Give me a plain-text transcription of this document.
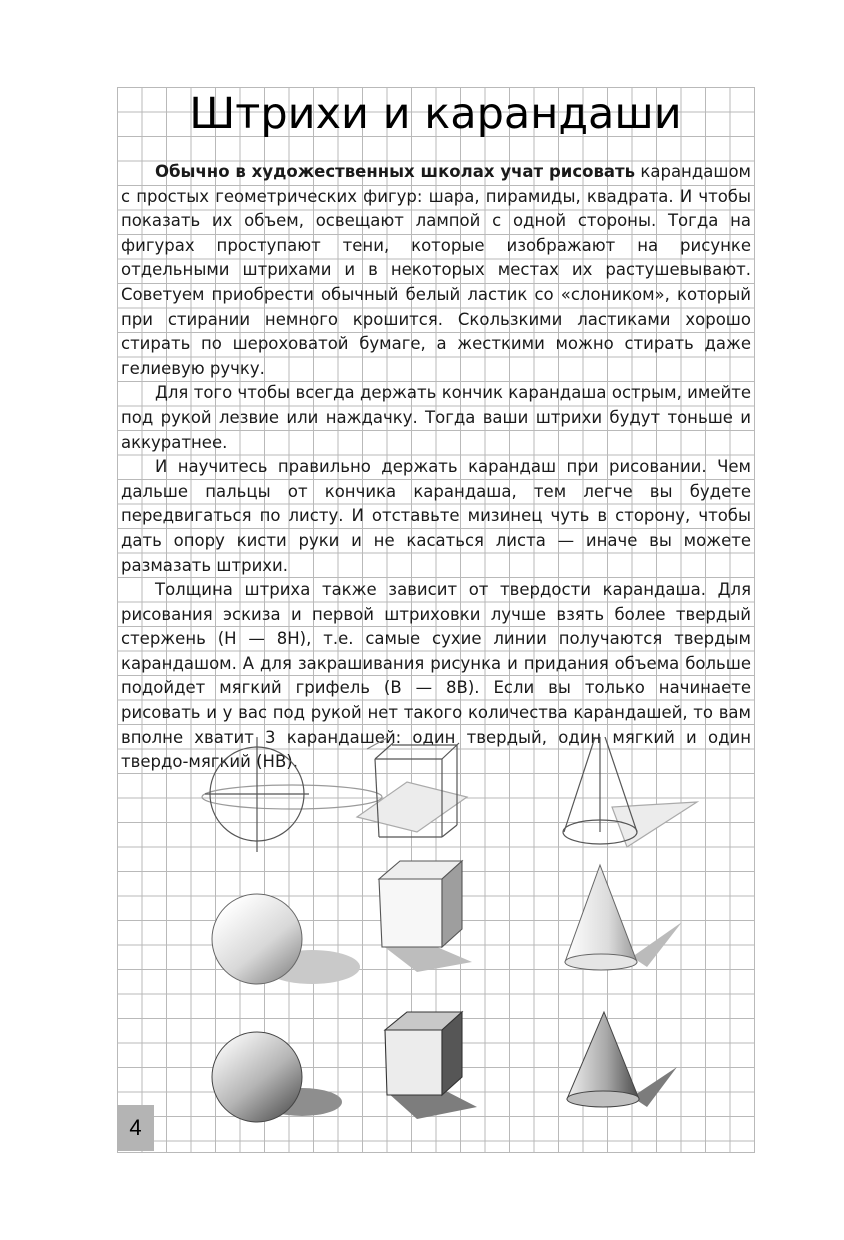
Штрихи и карандаши

Обычно в художественных школах учат рисовать карандашом с простых геометрических фигур: шара, пирамиды, квадрата. И чтобы показать их объем, освещают лампой с одной стороны. Тогда на фигурах проступают тени, которые изображают на рисунке отдельными штрихами и в некоторых местах их растушевывают. Советуем приобрести обычный белый ластик со «слоником», который при стирании немного крошится. Скользкими ластиками хорошо стирать по шероховатой бумаге, а жесткими можно стирать даже гелиевую ручку.

Для того чтобы всегда держать кончик карандаша острым, имейте под рукой лезвие или наждачку. Тогда ваши штрихи будут тоньше и аккуратнее.

И научитесь правильно держать карандаш при рисовании. Чем дальше пальцы от кончика карандаша, тем легче вы будете передвигаться по листу. И отставьте мизинец чуть в сторону, чтобы дать опору кисти руки и не касаться листа — иначе вы можете размазать штрихи.

Толщина штриха также зависит от твердости карандаша. Для рисования эскиза и первой штриховки лучше взять более твердый стержень (H — 8H), т.е. самые сухие линии получаются твердым карандашом. А для закрашивания рисунка и придания объема больше подойдет мягкий грифель (B — 8B). Если вы только начинаете рисовать и у вас под рукой нет такого количества карандашей, то вам вполне хватит 3 карандашей: один твердый, один мягкий и один твердо-мягкий (HB).

4
